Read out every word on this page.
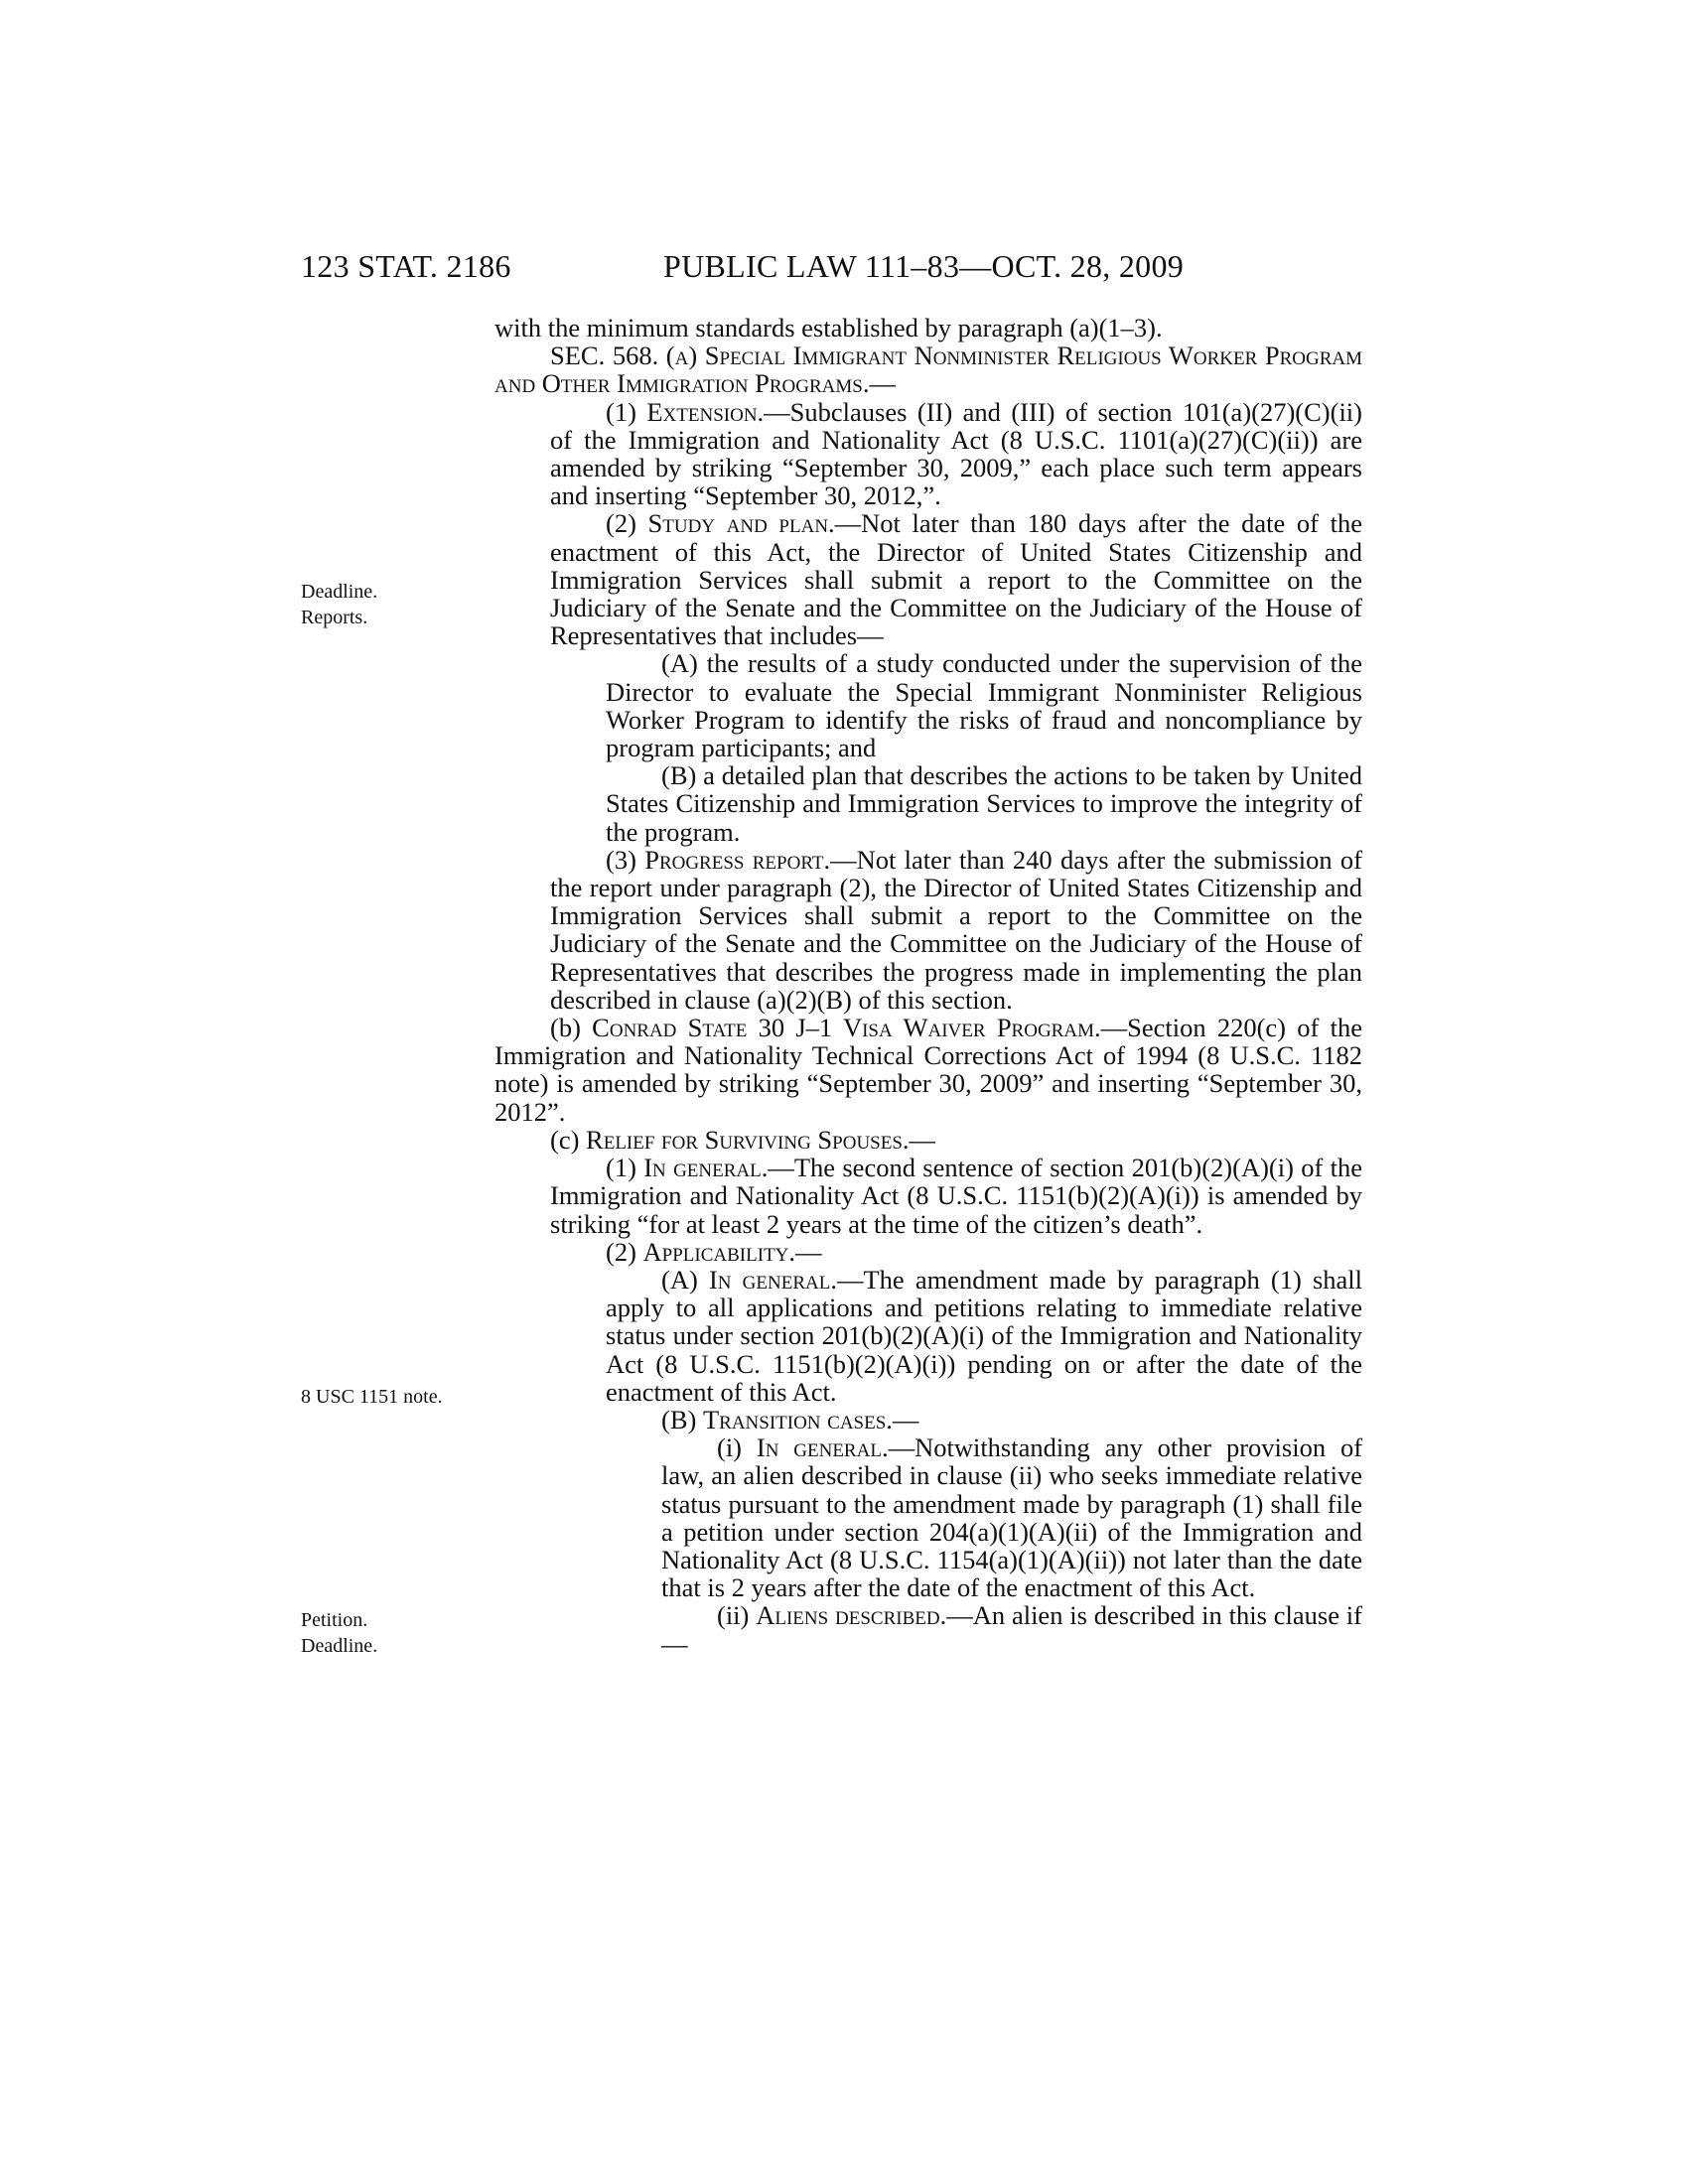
123 STAT. 2186	PUBLIC LAW 111–83—OCT. 28, 2009
Deadline.
Reports.
8 USC 1151 note.
Petition.
Deadline.

with the minimum standards established by paragraph (a)(1–3).

SEC. 568. (a) Special Immigrant Nonminister Religious Worker Program and Other Immigration Programs.—

(1) Extension.—Subclauses (II) and (III) of section 101(a)(27)(C)(ii) of the Immigration and Nationality Act (8 U.S.C. 1101(a)(27)(C)(ii)) are amended by striking “September 30, 2009,” each place such term appears and inserting “September 30, 2012,”.

(2) Study and plan.—Not later than 180 days after the date of the enactment of this Act, the Director of United States Citizenship and Immigration Services shall submit a report to the Committee on the Judiciary of the Senate and the Committee on the Judiciary of the House of Representatives that includes—

(A) the results of a study conducted under the supervision of the Director to evaluate the Special Immigrant Nonminister Religious Worker Program to identify the risks of fraud and noncompliance by program participants; and

(B) a detailed plan that describes the actions to be taken by United States Citizenship and Immigration Services to improve the integrity of the program.

(3) Progress report.—Not later than 240 days after the submission of the report under paragraph (2), the Director of United States Citizenship and Immigration Services shall submit a report to the Committee on the Judiciary of the Senate and the Committee on the Judiciary of the House of Representatives that describes the progress made in implementing the plan described in clause (a)(2)(B) of this section.

(b) Conrad State 30 J–1 Visa Waiver Program.—Section 220(c) of the Immigration and Nationality Technical Corrections Act of 1994 (8 U.S.C. 1182 note) is amended by striking “September 30, 2009” and inserting “September 30, 2012”.

(c) Relief for Surviving Spouses.—

(1) In general.—The second sentence of section 201(b)(2)(A)(i) of the Immigration and Nationality Act (8 U.S.C. 1151(b)(2)(A)(i)) is amended by striking “for at least 2 years at the time of the citizen’s death”.

(2) Applicability.—

(A) In general.—The amendment made by paragraph (1) shall apply to all applications and petitions relating to immediate relative status under section 201(b)(2)(A)(i) of the Immigration and Nationality Act (8 U.S.C. 1151(b)(2)(A)(i)) pending on or after the date of the enactment of this Act.

(B) Transition cases.—

(i) In general.—Notwithstanding any other provision of law, an alien described in clause (ii) who seeks immediate relative status pursuant to the amendment made by paragraph (1) shall file a petition under section 204(a)(1)(A)(ii) of the Immigration and Nationality Act (8 U.S.C. 1154(a)(1)(A)(ii)) not later than the date that is 2 years after the date of the enactment of this Act.

(ii) Aliens described.—An alien is described in this clause if—
